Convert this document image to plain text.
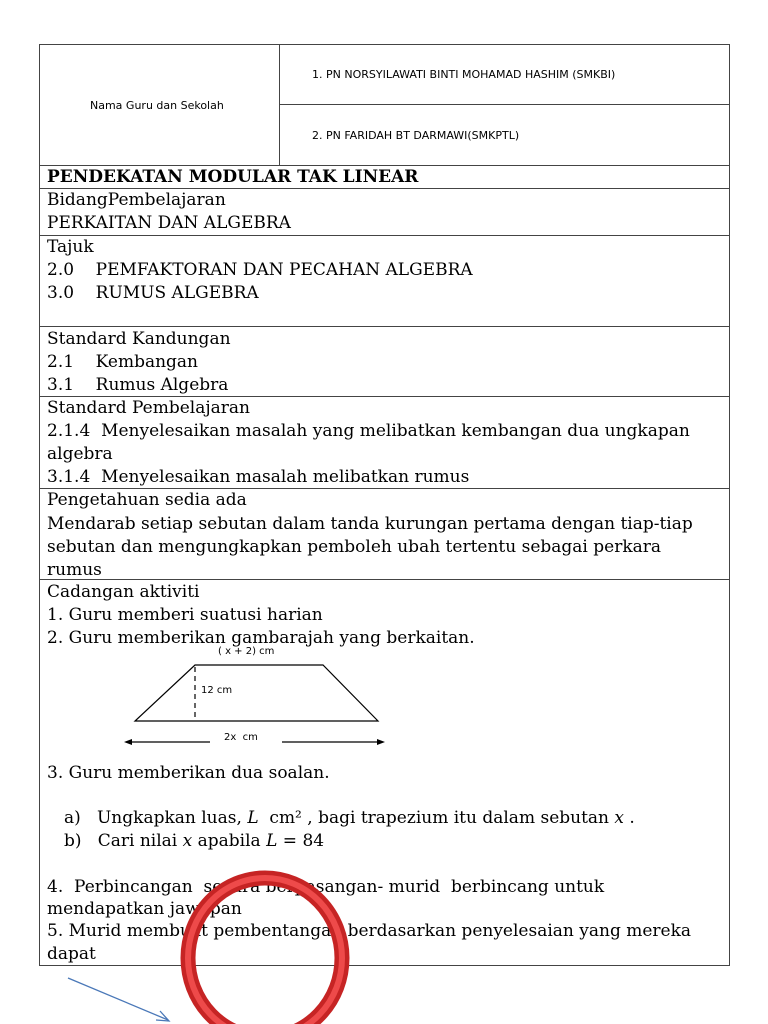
Nama Guru dan Sekolah
1. PN NORSYILAWATI BINTI MOHAMAD HASHIM (SMKBI)
2. PN FARIDAH BT DARMAWI(SMKPTL)
PENDEKATAN MODULAR TAK LINEAR
BidangPembelajaran
PERKAITAN DAN ALGEBRA
Tajuk
2.0    PEMFAKTORAN DAN PECAHAN ALGEBRA
3.0    RUMUS ALGEBRA
Standard Kandungan
2.1    Kembangan
3.1    Rumus Algebra
Standard Pembelajaran
2.1.4  Menyelesaikan masalah yang melibatkan kembangan dua ungkapan
algebra
3.1.4  Menyelesaikan masalah melibatkan rumus
Pengetahuan sedia ada
Mendarab setiap sebutan dalam tanda kurungan pertama dengan tiap-tiap
sebutan dan mengungkapkan pemboleh ubah tertentu sebagai perkara
rumus
Cadangan aktiviti
1. Guru memberi suatusi harian
2. Guru memberikan gambarajah yang berkaitan.
( x + 2) cm
12 cm
2x  cm
3. Guru memberikan dua soalan.
a)   Ungkapkan luas, L  cm² , bagi trapezium itu dalam sebutan x .
b)   Cari nilai x apabila L = 84
4.  Perbincangan  secara berpasangan- murid  berbincang untuk
mendapatkan jawapan
5. Murid membuat pembentangan berdasarkan penyelesaian yang mereka
dapat
